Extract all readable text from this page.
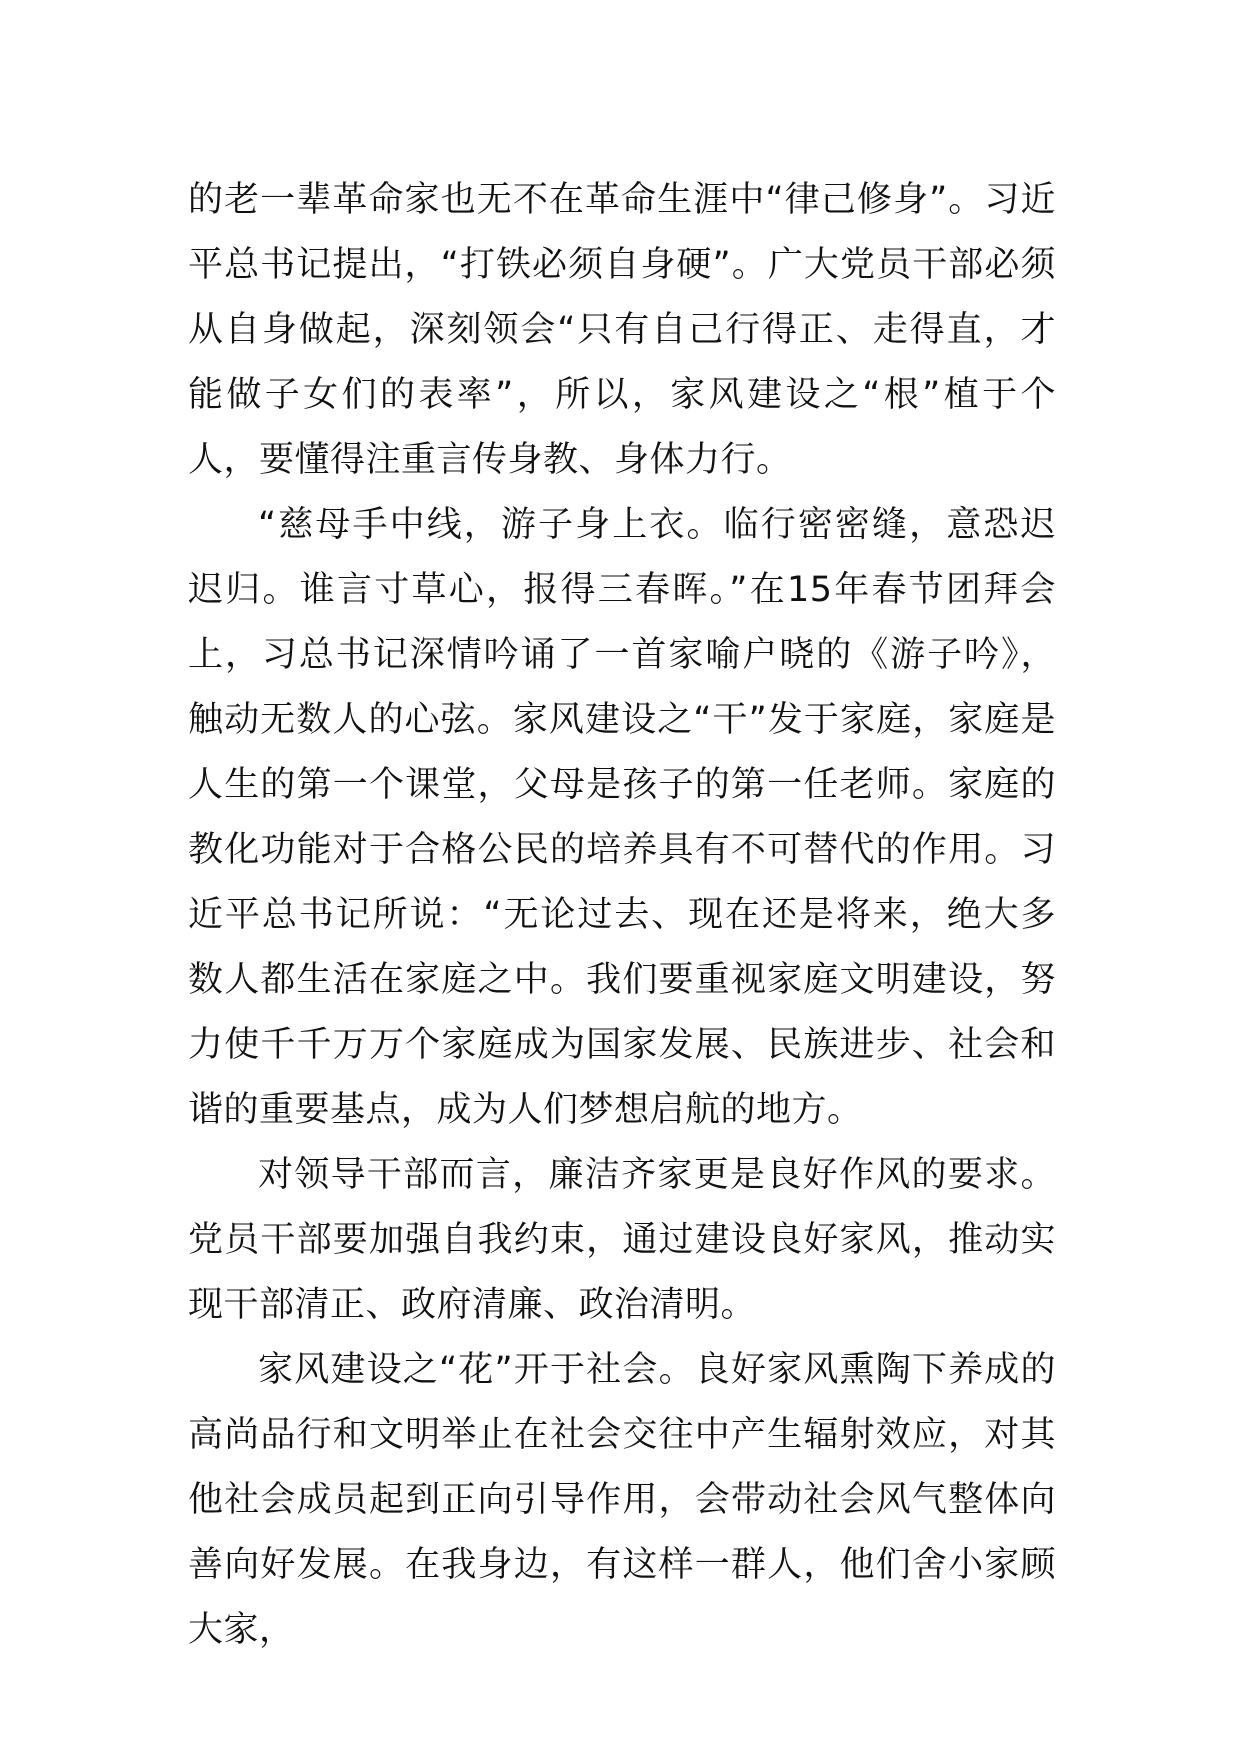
的老一辈革命家也无不在革命生涯中“律己修身”。习近平总书记提出，“打铁必须自身硬”。广大党员干部必须从自身做起，深刻领会“只有自己行得正、走得直，才能做子女们的表率”，所以，家风建设之“根”植于个人，要懂得注重言传身教、身体力行。

“慈母手中线，游子身上衣。临行密密缝，意恐迟迟归。谁言寸草心，报得三春晖。”在15年春节团拜会上，习总书记深情吟诵了一首家喻户晓的《游子吟》，触动无数人的心弦。家风建设之“干”发于家庭，家庭是人生的第一个课堂，父母是孩子的第一任老师。家庭的教化功能对于合格公民的培养具有不可替代的作用。习近平总书记所说：“无论过去、现在还是将来，绝大多数人都生活在家庭之中。我们要重视家庭文明建设，努力使千千万万个家庭成为国家发展、民族进步、社会和谐的重要基点，成为人们梦想启航的地方。

对领导干部而言，廉洁齐家更是良好作风的要求。党员干部要加强自我约束，通过建设良好家风，推动实现干部清正、政府清廉、政治清明。

家风建设之“花”开于社会。良好家风熏陶下养成的高尚品行和文明举止在社会交往中产生辐射效应，对其他社会成员起到正向引导作用，会带动社会风气整体向善向好发展。在我身边，有这样一群人，他们舍小家顾大家，
